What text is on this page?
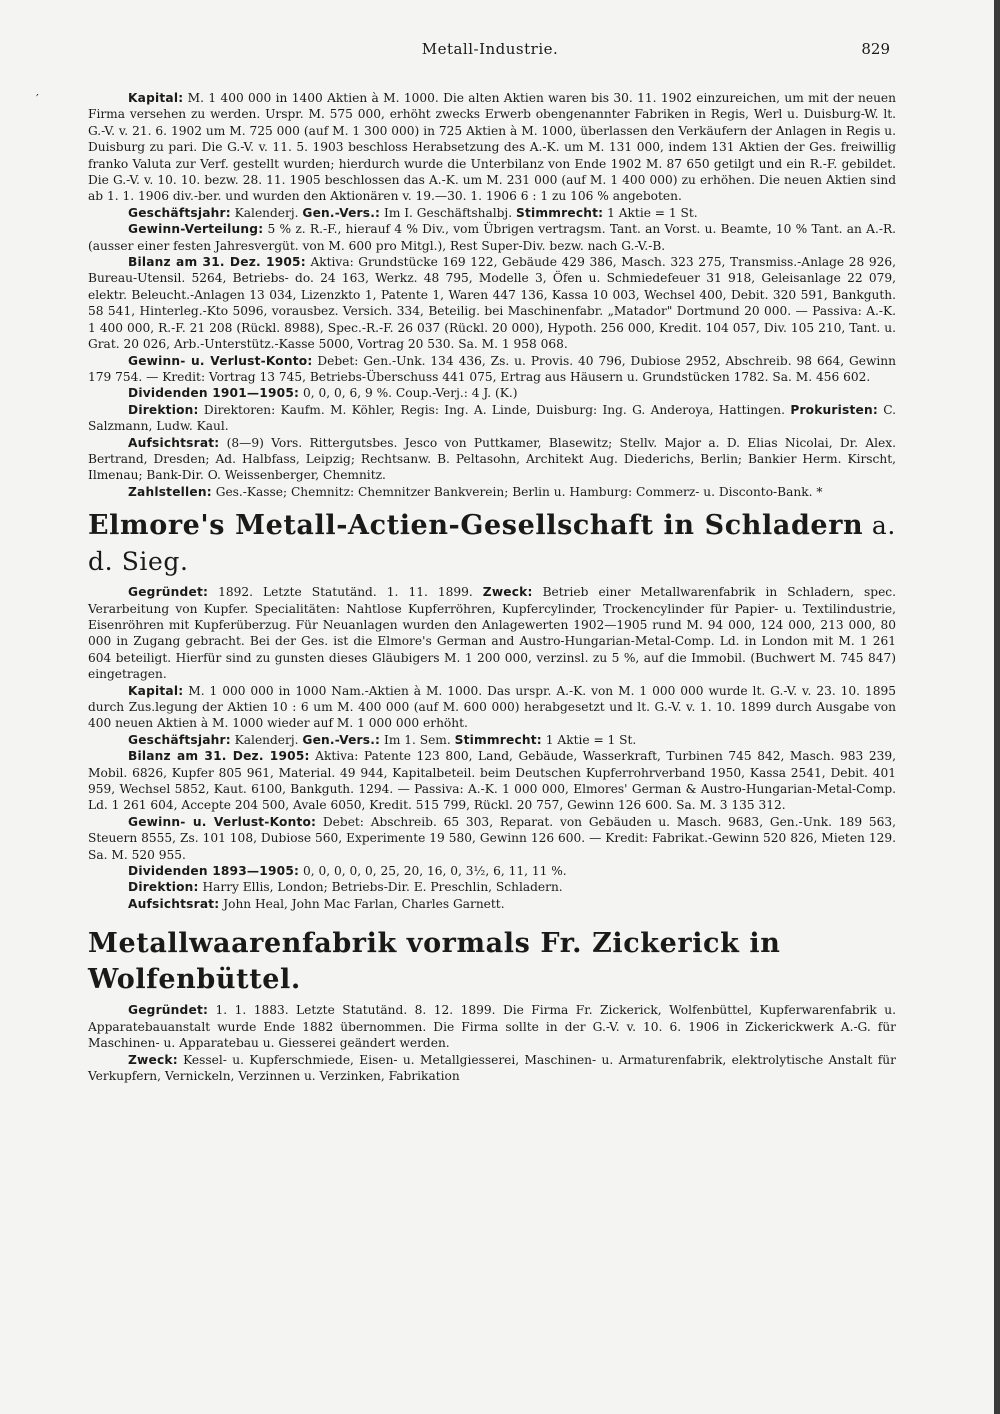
′
Metall-Industrie.	829

Kapital: M. 1 400 000 in 1400 Aktien à M. 1000. Die alten Aktien waren bis 30. 11. 1902 einzureichen, um mit der neuen Firma versehen zu werden. Urspr. M. 575 000, erhöht zwecks Erwerb obengenannter Fabriken in Regis, Werl u. Duisburg-W. lt. G.-V. v. 21. 6. 1902 um M. 725 000 (auf M. 1 300 000) in 725 Aktien à M. 1000, überlassen den Verkäufern der Anlagen in Regis u. Duisburg zu pari. Die G.-V. v. 11. 5. 1903 beschloss Herabsetzung des A.-K. um M. 131 000, indem 131 Aktien der Ges. freiwillig franko Valuta zur Verf. gestellt wurden; hierdurch wurde die Unterbilanz von Ende 1902 M. 87 650 getilgt und ein R.-F. gebildet. Die G.-V. v. 10. 10. bezw. 28. 11. 1905 beschlossen das A.-K. um M. 231 000 (auf M. 1 400 000) zu erhöhen. Die neuen Aktien sind ab 1. 1. 1906 div.-ber. und wurden den Aktionären v. 19.—30. 1. 1906 6 : 1 zu 106 % angeboten.

Geschäftsjahr: Kalenderj. Gen.-Vers.: Im I. Geschäftshalbj. Stimmrecht: 1 Aktie = 1 St.

Gewinn-Verteilung: 5 % z. R.-F., hierauf 4 % Div., vom Übrigen vertragsm. Tant. an Vorst. u. Beamte, 10 % Tant. an A.-R. (ausser einer festen Jahresvergüt. von M. 600 pro Mitgl.), Rest Super-Div. bezw. nach G.-V.-B.

Bilanz am 31. Dez. 1905: Aktiva: Grundstücke 169 122, Gebäude 429 386, Masch. 323 275, Transmiss.-Anlage 28 926, Bureau-Utensil. 5264, Betriebs- do. 24 163, Werkz. 48 795, Modelle 3, Öfen u. Schmiedefeuer 31 918, Geleisanlage 22 079, elektr. Beleucht.-Anlagen 13 034, Lizenzkto 1, Patente 1, Waren 447 136, Kassa 10 003, Wechsel 400, Debit. 320 591, Bankguth. 58 541, Hinterleg.-Kto 5096, vorausbez. Versich. 334, Beteilig. bei Maschinenfabr. „Matador" Dortmund 20 000. — Passiva: A.-K. 1 400 000, R.-F. 21 208 (Rückl. 8988), Spec.-R.-F. 26 037 (Rückl. 20 000), Hypoth. 256 000, Kredit. 104 057, Div. 105 210, Tant. u. Grat. 20 026, Arb.-Unterstütz.-Kasse 5000, Vortrag 20 530. Sa. M. 1 958 068.

Gewinn- u. Verlust-Konto: Debet: Gen.-Unk. 134 436, Zs. u. Provis. 40 796, Dubiose 2952, Abschreib. 98 664, Gewinn 179 754. — Kredit: Vortrag 13 745, Betriebs-Überschuss 441 075, Ertrag aus Häusern u. Grundstücken 1782. Sa. M. 456 602.

Dividenden 1901—1905: 0, 0, 0, 6, 9 %. Coup.-Verj.: 4 J. (K.)

Direktion: Direktoren: Kaufm. M. Köhler, Regis: Ing. A. Linde, Duisburg: Ing. G. Anderoya, Hattingen. Prokuristen: C. Salzmann, Ludw. Kaul.

Aufsichtsrat: (8—9) Vors. Rittergutsbes. Jesco von Puttkamer, Blasewitz; Stellv. Major a. D. Elias Nicolai, Dr. Alex. Bertrand, Dresden; Ad. Halbfass, Leipzig; Rechtsanw. B. Peltasohn, Architekt Aug. Diederichs, Berlin; Bankier Herm. Kirscht, Ilmenau; Bank-Dir. O. Weissenberger, Chemnitz.

Zahlstellen: Ges.-Kasse; Chemnitz: Chemnitzer Bankverein; Berlin u. Hamburg: Commerz- u. Disconto-Bank. *

Elmore's Metall-Actien-Gesellschaft in Schladern a. d. Sieg.

Gegründet: 1892. Letzte Statutänd. 1. 11. 1899. Zweck: Betrieb einer Metallwarenfabrik in Schladern, spec. Verarbeitung von Kupfer. Specialitäten: Nahtlose Kupferröhren, Kupfercylinder, Trockencylinder für Papier- u. Textilindustrie, Eisenröhren mit Kupferüberzug. Für Neuanlagen wurden den Anlagewerten 1902—1905 rund M. 94 000, 124 000, 213 000, 80 000 in Zugang gebracht. Bei der Ges. ist die Elmore's German and Austro-Hungarian-Metal-Comp. Ld. in London mit M. 1 261 604 beteiligt. Hierfür sind zu gunsten dieses Gläubigers M. 1 200 000, verzinsl. zu 5 %, auf die Immobil. (Buchwert M. 745 847) eingetragen.

Kapital: M. 1 000 000 in 1000 Nam.-Aktien à M. 1000. Das urspr. A.-K. von M. 1 000 000 wurde lt. G.-V. v. 23. 10. 1895 durch Zus.legung der Aktien 10 : 6 um M. 400 000 (auf M. 600 000) herabgesetzt und lt. G.-V. v. 1. 10. 1899 durch Ausgabe von 400 neuen Aktien à M. 1000 wieder auf M. 1 000 000 erhöht.

Geschäftsjahr: Kalenderj. Gen.-Vers.: Im 1. Sem. Stimmrecht: 1 Aktie = 1 St.

Bilanz am 31. Dez. 1905: Aktiva: Patente 123 800, Land, Gebäude, Wasserkraft, Turbinen 745 842, Masch. 983 239, Mobil. 6826, Kupfer 805 961, Material. 49 944, Kapitalbeteil. beim Deutschen Kupferrohrverband 1950, Kassa 2541, Debit. 401 959, Wechsel 5852, Kaut. 6100, Bankguth. 1294. — Passiva: A.-K. 1 000 000, Elmores' German & Austro-Hungarian-Metal-Comp. Ld. 1 261 604, Accepte 204 500, Avale 6050, Kredit. 515 799, Rückl. 20 757, Gewinn 126 600. Sa. M. 3 135 312.

Gewinn- u. Verlust-Konto: Debet: Abschreib. 65 303, Reparat. von Gebäuden u. Masch. 9683, Gen.-Unk. 189 563, Steuern 8555, Zs. 101 108, Dubiose 560, Experimente 19 580, Gewinn 126 600. — Kredit: Fabrikat.-Gewinn 520 826, Mieten 129. Sa. M. 520 955.

Dividenden 1893—1905: 0, 0, 0, 0, 0, 25, 20, 16, 0, 3½, 6, 11, 11 %.

Direktion: Harry Ellis, London; Betriebs-Dir. E. Preschlin, Schladern.

Aufsichtsrat: John Heal, John Mac Farlan, Charles Garnett.

Metallwaarenfabrik vormals Fr. Zickerick in Wolfenbüttel.

Gegründet: 1. 1. 1883. Letzte Statutänd. 8. 12. 1899. Die Firma Fr. Zickerick, Wolfenbüttel, Kupferwarenfabrik u. Apparatebauanstalt wurde Ende 1882 übernommen. Die Firma sollte in der G.-V. v. 10. 6. 1906 in Zickerickwerk A.-G. für Maschinen- u. Apparatebau u. Giesserei geändert werden.

Zweck: Kessel- u. Kupferschmiede, Eisen- u. Metallgiesserei, Maschinen- u. Armaturenfabrik, elektrolytische Anstalt für Verkupfern, Vernickeln, Verzinnen u. Verzinken, Fabrikation
